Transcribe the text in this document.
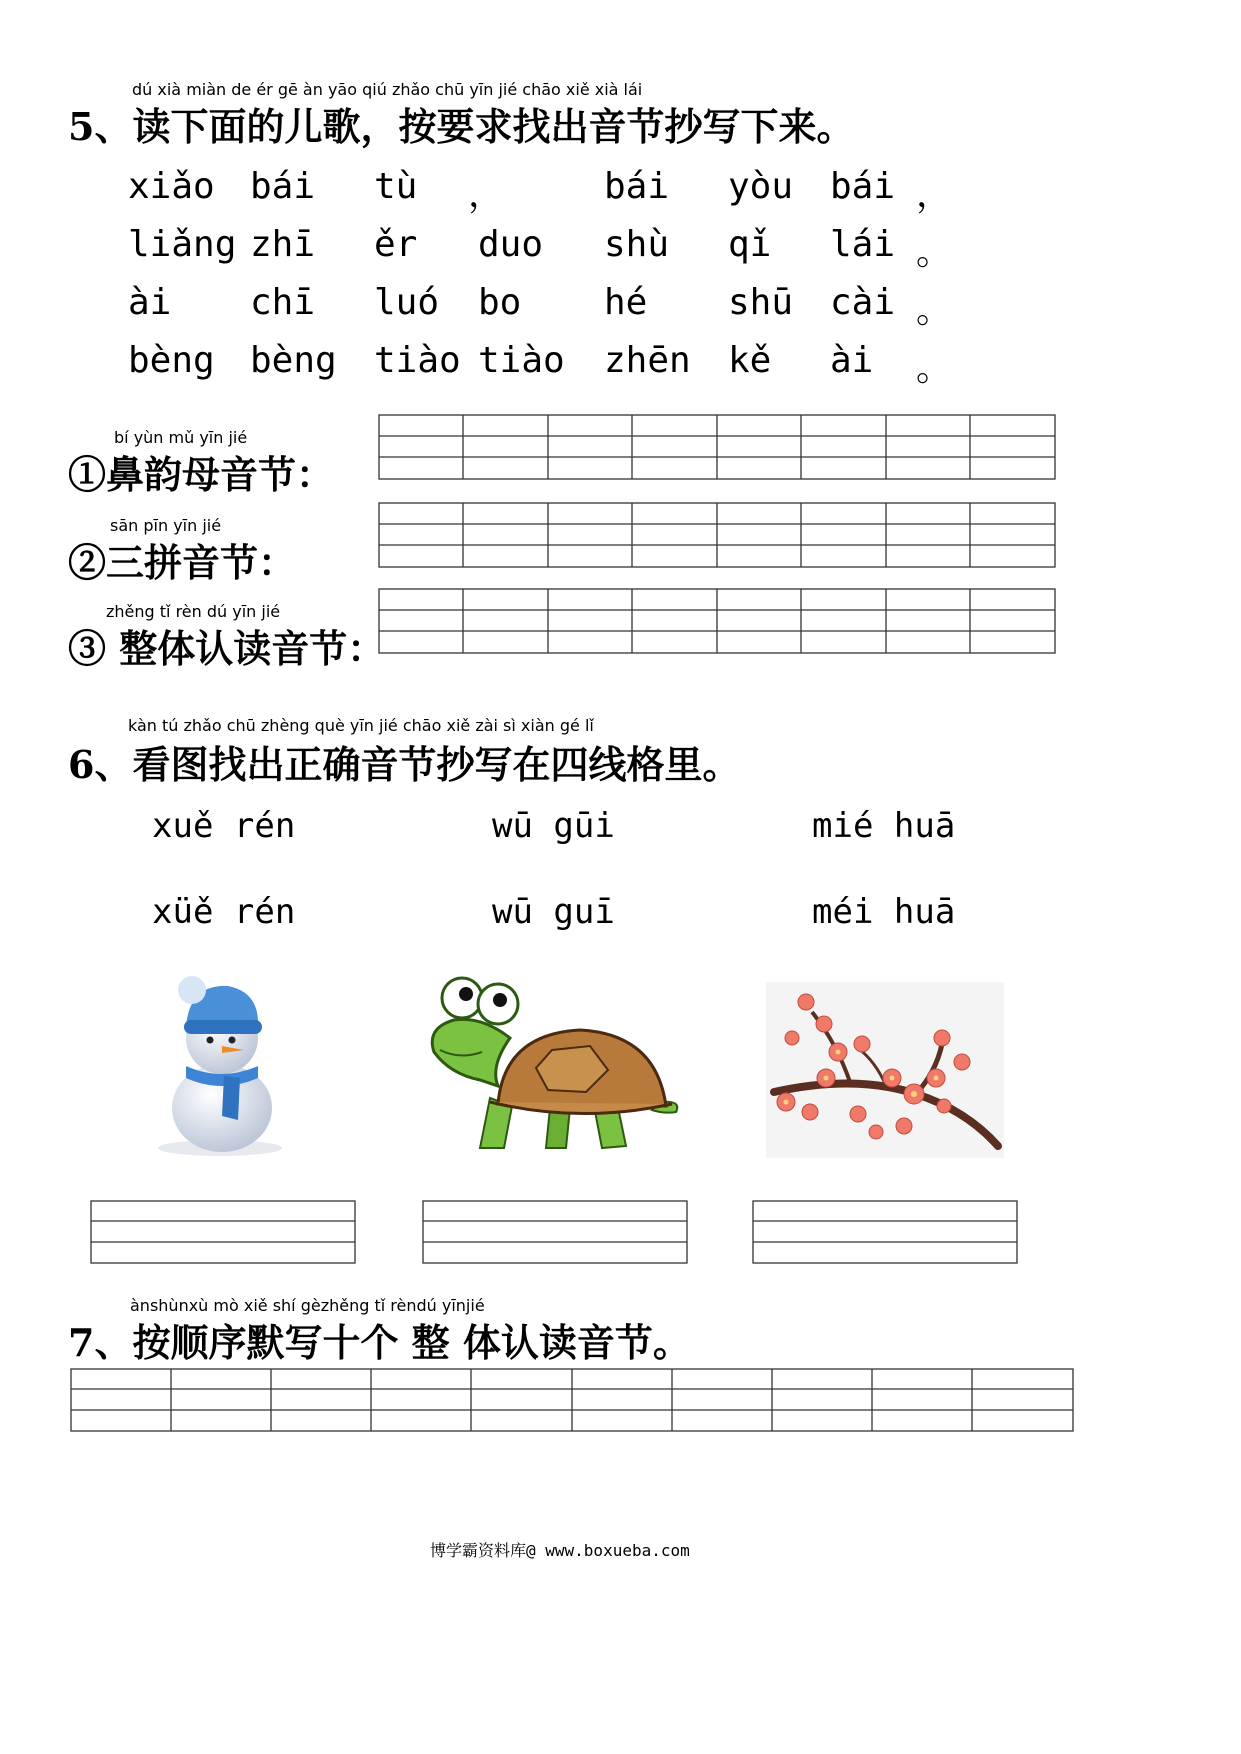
dú xià miàn de ér gē àn yāo qiú zhǎo chū yīn jié chāo xiě xià lái
5、读下面的儿歌，按要求找出音节抄写下来。
xiǎo bái tù ，	bái yòu bái ，
liǎng zhī ěr duo shù qǐ lái 。
ài chī luó bo hé shū cài 。
bèng bèng tiào tiào zhēn kě ài 。
bí yùn mǔ yīn jié
①鼻韵母音节：
sān pīn yīn jié
②三拼音节：
zhěng tǐ rèn dú yīn jié
③ 整体认读音节：
kàn tú zhǎo chū zhèng què yīn jié chāo xiě zài sì xiàn gé lǐ
6、看图找出正确音节抄写在四线格里。
xuě rén	wū gūi	mié huā
xüě rén	wū guī	méi huā
ànshùnxù mò xiě shí gèzhěng tǐ rèndú yīnjié
7、按顺序默写十个 整 体认读音节。
博学霸资料库@ www.boxueba.com
